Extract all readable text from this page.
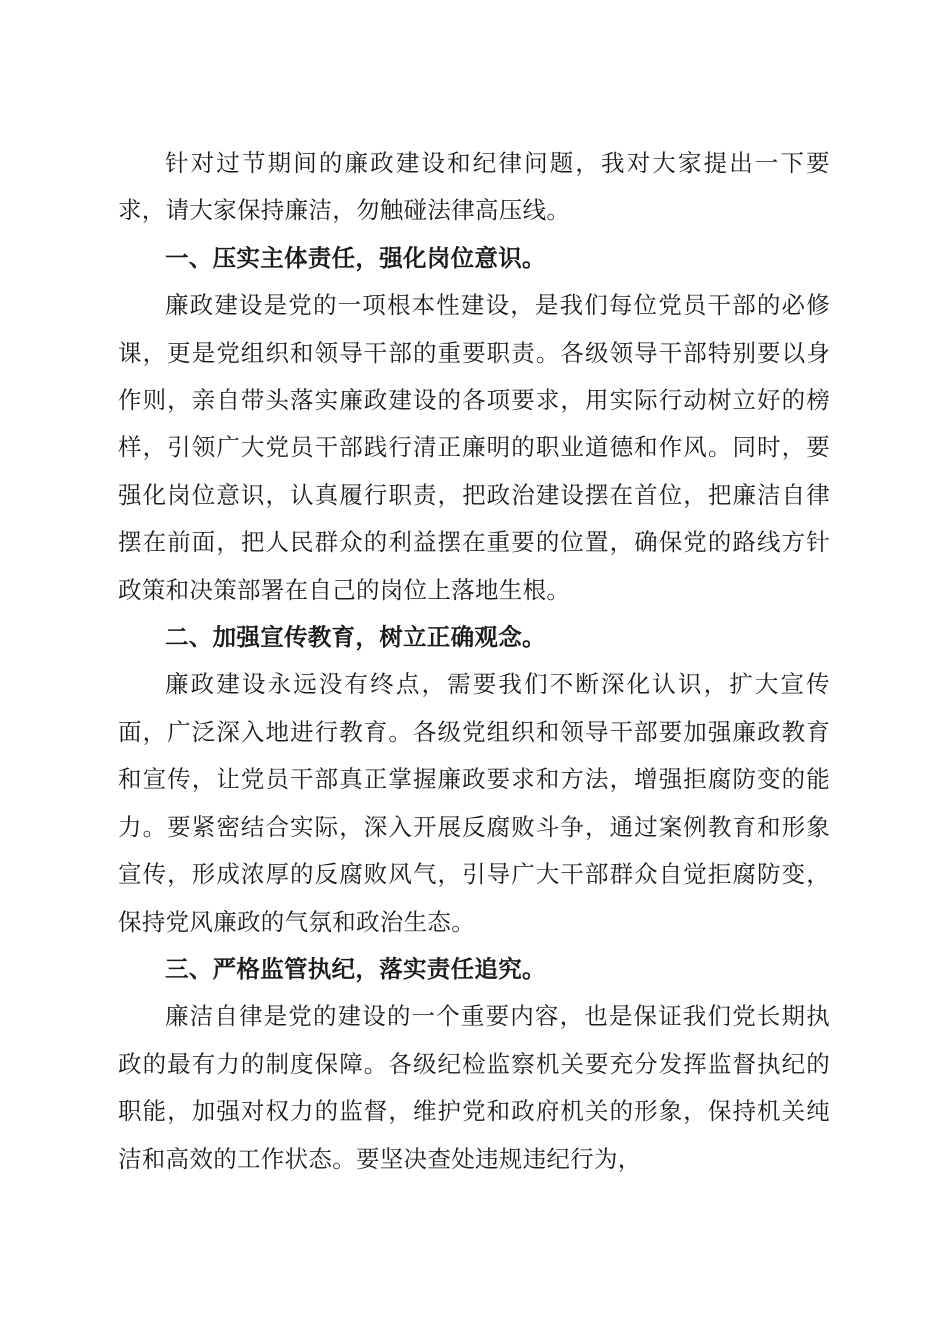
针对过节期间的廉政建设和纪律问题，我对大家提出一下要求，请大家保持廉洁，勿触碰法律高压线。

一、压实主体责任，强化岗位意识。

廉政建设是党的一项根本性建设，是我们每位党员干部的必修课，更是党组织和领导干部的重要职责。各级领导干部特别要以身作则，亲自带头落实廉政建设的各项要求，用实际行动树立好的榜样，引领广大党员干部践行清正廉明的职业道德和作风。同时，要强化岗位意识，认真履行职责，把政治建设摆在首位，把廉洁自律摆在前面，把人民群众的利益摆在重要的位置，确保党的路线方针政策和决策部署在自己的岗位上落地生根。

二、加强宣传教育，树立正确观念。

廉政建设永远没有终点，需要我们不断深化认识，扩大宣传面，广泛深入地进行教育。各级党组织和领导干部要加强廉政教育和宣传，让党员干部真正掌握廉政要求和方法，增强拒腐防变的能力。要紧密结合实际，深入开展反腐败斗争，通过案例教育和形象宣传，形成浓厚的反腐败风气，引导广大干部群众自觉拒腐防变，保持党风廉政的气氛和政治生态。

三、严格监管执纪，落实责任追究。

廉洁自律是党的建设的一个重要内容，也是保证我们党长期执政的最有力的制度保障。各级纪检监察机关要充分发挥监督执纪的职能，加强对权力的监督，维护党和政府机关的形象，保持机关纯洁和高效的工作状态。要坚决查处违规违纪行为，
